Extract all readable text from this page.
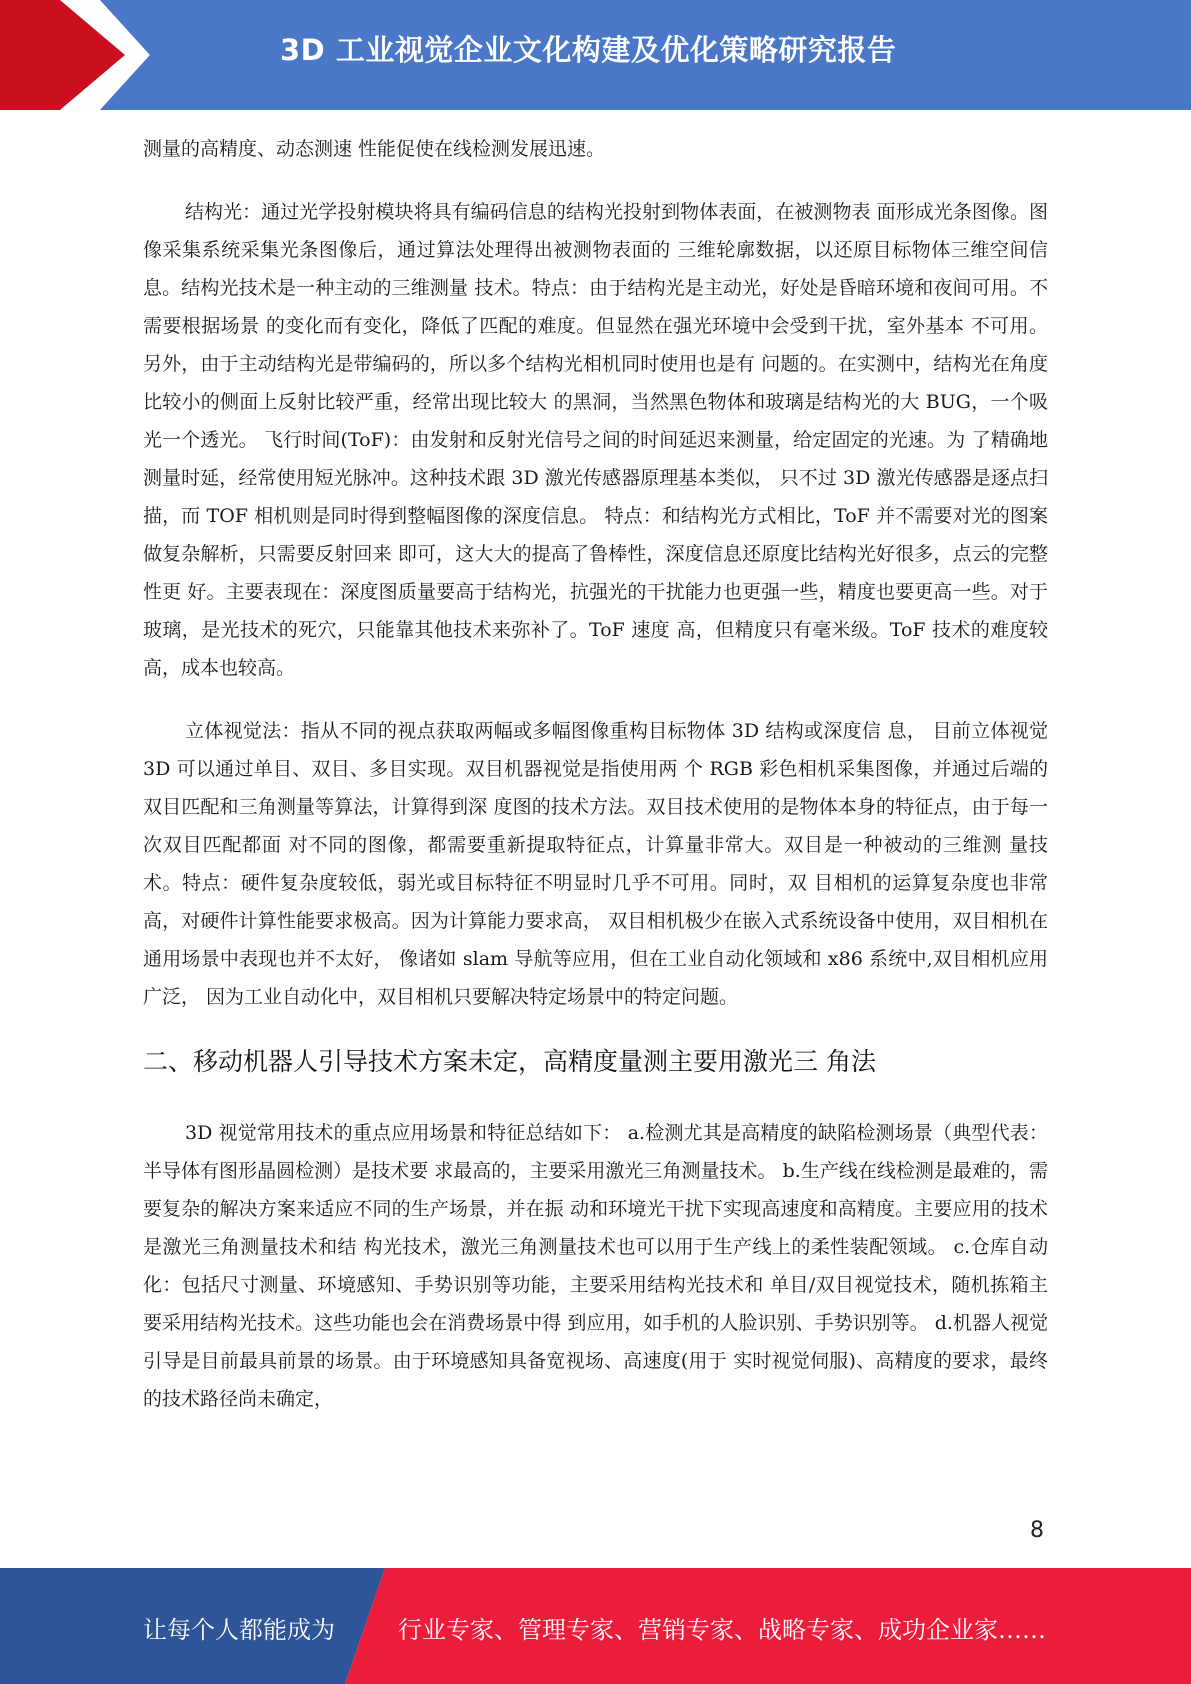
3D 工业视觉企业文化构建及优化策略研究报告

测量的高精度、动态测速 性能促使在线检测发展迅速。

结构光：通过光学投射模块将具有编码信息的结构光投射到物体表面，在被测物表 面形成光条图像。图像采集系统采集光条图像后，通过算法处理得出被测物表面的 三维轮廓数据，以还原目标物体三维空间信息。结构光技术是一种主动的三维测量 技术。特点：由于结构光是主动光，好处是昏暗环境和夜间可用。不需要根据场景 的变化而有变化，降低了匹配的难度。但显然在强光环境中会受到干扰，室外基本 不可用。另外，由于主动结构光是带编码的，所以多个结构光相机同时使用也是有 问题的。在实测中，结构光在角度比较小的侧面上反射比较严重，经常出现比较大 的黑洞，当然黑色物体和玻璃是结构光的大 BUG，一个吸光一个透光。 飞行时间(ToF)：由发射和反射光信号之间的时间延迟来测量，给定固定的光速。为 了精确地测量时延，经常使用短光脉冲。这种技术跟 3D 激光传感器原理基本类似， 只不过 3D 激光传感器是逐点扫描，而 TOF 相机则是同时得到整幅图像的深度信息。 特点：和结构光方式相比，ToF 并不需要对光的图案做复杂解析，只需要反射回来 即可，这大大的提高了鲁棒性，深度信息还原度比结构光好很多，点云的完整性更 好。主要表现在：深度图质量要高于结构光，抗强光的干扰能力也更强一些，精度也要更高一些。对于玻璃，是光技术的死穴，只能靠其他技术来弥补了。ToF 速度 高，但精度只有毫米级。ToF 技术的难度较高，成本也较高。

立体视觉法：指从不同的视点获取两幅或多幅图像重构目标物体 3D 结构或深度信 息， 目前立体视觉 3D 可以通过单目、双目、多目实现。双目机器视觉是指使用两 个 RGB 彩色相机采集图像，并通过后端的双目匹配和三角测量等算法，计算得到深 度图的技术方法。双目技术使用的是物体本身的特征点，由于每一次双目匹配都面 对不同的图像，都需要重新提取特征点，计算量非常大。双目是一种被动的三维测 量技术。特点：硬件复杂度较低，弱光或目标特征不明显时几乎不可用。同时，双 目相机的运算复杂度也非常高，对硬件计算性能要求极高。因为计算能力要求高， 双目相机极少在嵌入式系统设备中使用，双目相机在通用场景中表现也并不太好， 像诸如 slam 导航等应用，但在工业自动化领域和 x86 系统中,双目相机应用广泛， 因为工业自动化中，双目相机只要解决特定场景中的特定问题。

二、移动机器人引导技术方案未定，高精度量测主要用激光三 角法

3D 视觉常用技术的重点应用场景和特征总结如下： a.检测尤其是高精度的缺陷检测场景（典型代表：半导体有图形晶圆检测）是技术要 求最高的，主要采用激光三角测量技术。 b.生产线在线检测是最难的，需要复杂的解决方案来适应不同的生产场景，并在振 动和环境光干扰下实现高速度和高精度。主要应用的技术是激光三角测量技术和结 构光技术，激光三角测量技术也可以用于生产线上的柔性装配领域。 c.仓库自动化：包括尺寸测量、环境感知、手势识别等功能，主要采用结构光技术和 单目/双目视觉技术，随机拣箱主要采用结构光技术。这些功能也会在消费场景中得 到应用，如手机的人脸识别、手势识别等。 d.机器人视觉引导是目前最具前景的场景。由于环境感知具备宽视场、高速度(用于 实时视觉伺服)、高精度的要求，最终的技术路径尚未确定，

8
让每个人都能成为	行业专家、管理专家、营销专家、战略专家、成功企业家……
